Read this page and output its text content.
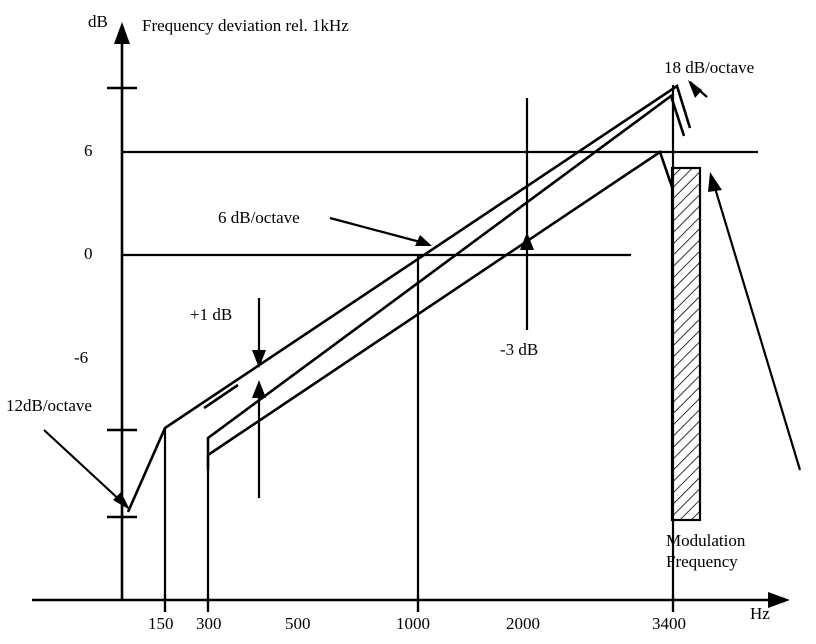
Frequency deviation rel. 1kHz
dB
Hz
6
0
-6
150 300	500	1000	2000	3400
18 dB/octave
6 dB/octave
12dB/octave
+1 dB
-3 dB
Modulation
Frequency
